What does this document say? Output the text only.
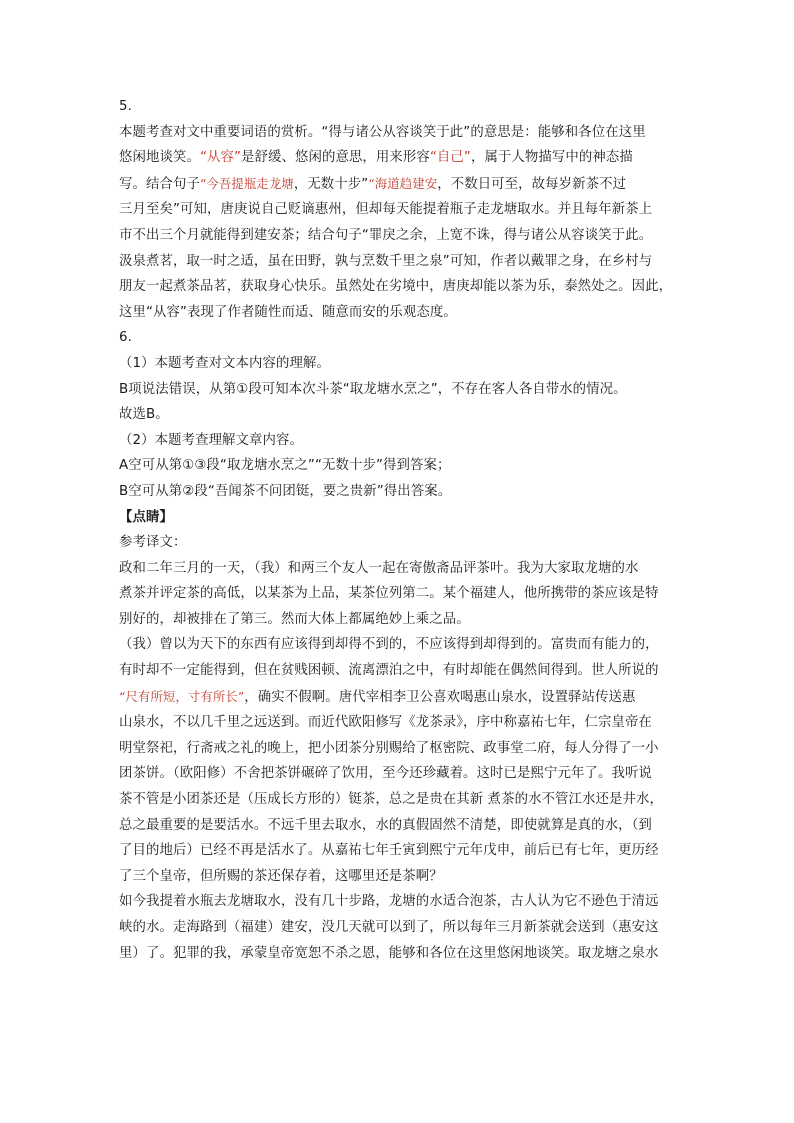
5.
本题考查对文中重要词语的赏析。“得与诸公从容谈笑于此”的意思是：能够和各位在这里
悠闲地谈笑。“从容”是舒缓、悠闲的意思，用来形容“自己”，属于人物描写中的神态描
写。结合句子“今吾提瓶走龙塘，无数十步”“海道趋建安，不数日可至，故每岁新茶不过
三月至矣”可知，唐庚说自己贬谪惠州，但却每天能提着瓶子走龙塘取水。并且每年新茶上
市不出三个月就能得到建安茶；结合句子“罪戾之余，上宽不诛，得与诸公从容谈笑于此。
汲泉煮茗，取一时之适，虽在田野，孰与烹数千里之泉”可知，作者以戴罪之身，在乡村与
朋友一起煮茶品茗，获取身心快乐。虽然处在劣境中，唐庚却能以茶为乐，泰然处之。因此，
这里“从容”表现了作者随性而适、随意而安的乐观态度。
6.
（1）本题考查对文本内容的理解。
B项说法错误，从第①段可知本次斗茶“取龙塘水烹之”，不存在客人各自带水的情况。
故选B。
（2）本题考查理解文章内容。
A空可从第①③段“取龙塘水烹之”“无数十步”得到答案；
B空可从第②段“吾闻茶不问团铤，要之贵新”得出答案。
【点睛】
参考译文：
政和二年三月的一天，（我）和两三个友人一起在寄傲斋品评茶叶。我为大家取龙塘的水
煮茶并评定茶的高低，以某茶为上品，某茶位列第二。某个福建人，他所携带的茶应该是特
别好的，却被排在了第三。然而大体上都属绝妙上乘之品。
（我）曾以为天下的东西有应该得到却得不到的，不应该得到却得到的。富贵而有能力的，
有时却不一定能得到，但在贫贱困顿、流离漂泊之中，有时却能在偶然间得到。世人所说的
“尺有所短，寸有所长”，确实不假啊。唐代宰相李卫公喜欢喝惠山泉水，设置驿站传送惠
山泉水，不以几千里之远送到。而近代欧阳修写《龙茶录》，序中称嘉祐七年，仁宗皇帝在
明堂祭祀，行斋戒之礼的晚上，把小团茶分别赐给了枢密院、政事堂二府，每人分得了一小
团茶饼。（欧阳修）不舍把茶饼碾碎了饮用，至今还珍藏着。这时已是熙宁元年了。我听说
茶不管是小团茶还是（压成长方形的）铤茶，总之是贵在其新 煮茶的水不管江水还是井水，
总之最重要的是要活水。不远千里去取水，水的真假固然不清楚，即使就算是真的水，（到
了目的地后）已经不再是活水了。从嘉祐七年壬寅到熙宁元年戊申，前后已有七年，更历经
了三个皇帝，但所赐的茶还保存着，这哪里还是茶啊？
如今我提着水瓶去龙塘取水，没有几十步路，龙塘的水适合泡茶，古人认为它不逊色于清远
峡的水。走海路到（福建）建安，没几天就可以到了，所以每年三月新茶就会送到（惠安这
里）了。犯罪的我，承蒙皇帝宽恕不杀之恩，能够和各位在这里悠闲地谈笑。取龙塘之泉水
